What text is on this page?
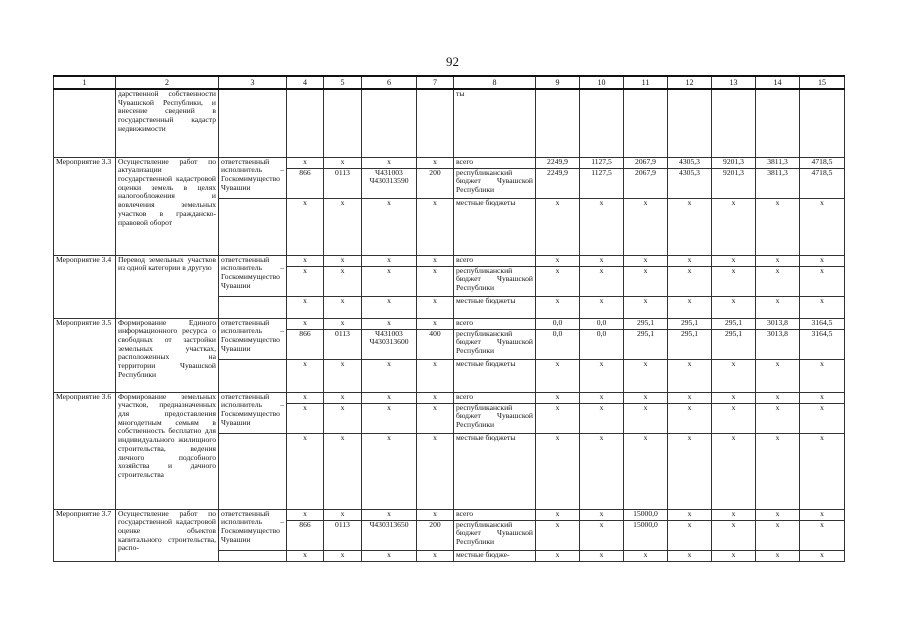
92
1	2	3	4	5	6	7	8	9	10	11	12	13	14	15
	дарственной собственности Чувашской Республики, и внесение сведений в государственный кадастр недвижимости						ты							
Мероприятие 3.3	Осуществление работ по актуализации государственной кадастровой оценки земель в целях налогообложения и вовлечения земельных участков в гражданско-правовой оборот	ответственный исполнитель – Госкомимущество Чувашии	x	x	x	x	всего	2249,9	1127,5	2067,9	4305,3	9201,3	3811,3	4718,5
			866	0113	Ч431003 Ч430313590	200	республиканский бюджет Чувашской Республики	2249,9	1127,5	2067,9	4305,3	9201,3	3811,3	4718,5
			x	x	x	x	местные бюджеты	x	x	x	x	x	x	x
Мероприятие 3.4	Перевод земельных участков из одной категории в другую	ответственный исполнитель – Госкомимущество Чувашии	x	x	x	x	всего	x	x	x	x	x	x	x
			x	x	x	x	республиканский бюджет Чувашской Республики	x	x	x	x	x	x	x
			x	x	x	x	местные бюджеты	x	x	x	x	x	x	x
Мероприятие 3.5	Формирование Единого информационного ресурса о свободных от застройки земельных участках, расположенных на территории Чувашской Республики	ответственный исполнитель – Госкомимущество Чувашии	x	x	x	x	всего	0,0	0,0	295,1	295,1	295,1	3013,8	3164,5
			866	0113	Ч431003 Ч430313600	400	республиканский бюджет Чувашской Республики	0,0	0,0	295,1	295,1	295,1	3013,8	3164,5
			x	x	x	x	местные бюджеты	x	x	x	x	x	x	x
Мероприятие 3.6	Формирование земельных участков, предназначенных для предоставления многодетным семьям в собственность бесплатно для индивидуального жилищного строительства, ведения личного подсобного хозяйства и дачного строительства	ответственный исполнитель – Госкомимущество Чувашии	x	x	x	x	всего	x	x	x	x	x	x	x
			x	x	x	x	республиканский бюджет Чувашской Республики	x	x	x	x	x	x	x
			x	x	x	x	местные бюджеты	x	x	x	x	x	x	x
Мероприятие 3.7	Осуществление работ по государственной кадастровой оценке объектов капитального строительства, распо-	ответственный исполнитель – Госкомимущество Чувашии	x	x	x	x	всего	x	x	15000,0	x	x	x	x
			866	0113	Ч430313650	200	республиканский бюджет Чувашской Республики	x	x	15000,0	x	x	x	x
			x	x	x	x	местные бюдже-	x	x	x	x	x	x	x
